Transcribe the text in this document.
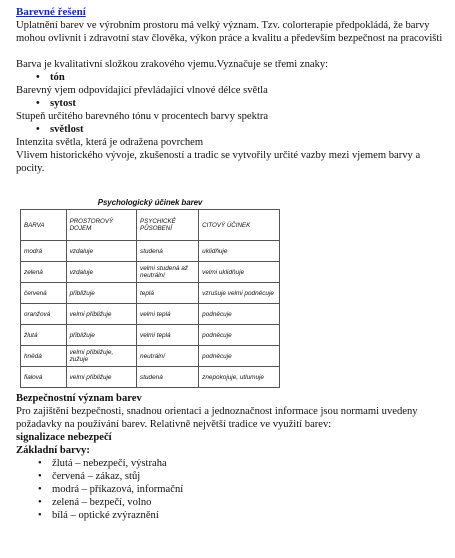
Barevné řešení

Uplatnění barev ve výrobním prostoru má velký význam. Tzv. colorterapie předpokládá, že barvy mohou ovlivnit i zdravotní stav člověka, výkon práce a kvalitu a především bezpečnost na pracovišti

Barva je kvalitativní složkou zrakového vjemu.Vyznačuje se třemi znaky:

• tón
Barevný vjem odpovídající převládající vlnové délce světla
• sytost
Stupeň určitého barevného tónu v procentech barvy spektra
• světlost
Intenzita světla, která je odražena povrchem

Vlivem historického vývoje, zkušeností a tradic se vytvořily určité vazby mezi vjemem barvy a pocity.

Psychologický účinek barev
BARVA	PROSTOROVÝ DOJEM	PSYCHICKÉ PŮSOBENÍ	CITOVÝ ÚČINEK
modrá	vzdaluje	studená	uklidňuje
zelená	vzdaluje	velmi studená až neutrální	velmi uklidňuje
červená	přibližuje	teplá	vzrušuje velmi podněcuje
oranžová	velmi přibližuje	velmi teplá	podněcuje
žlutá	přibližuje	velmi teplá	podněcuje
hnědá	velmi přibližuje, zužuje	neutrální	podněcuje
fialová	velmi přibližuje	studená	znepokojuje, utlumuje

Bezpečnostní význam barev

Pro zajištění bezpečnosti, snadnou orientaci a jednoznačnost informace jsou normami uvedeny požadavky na používání barev. Relativně největší tradice ve využití barev:

signalizace nebezpečí

Základní barvy:

• žlutá – nebezpečí, výstraha
• červená – zákaz, stůj
• modrá – příkazová, informační
• zelená – bezpečí, volno
• bílá – optické zvýraznění
